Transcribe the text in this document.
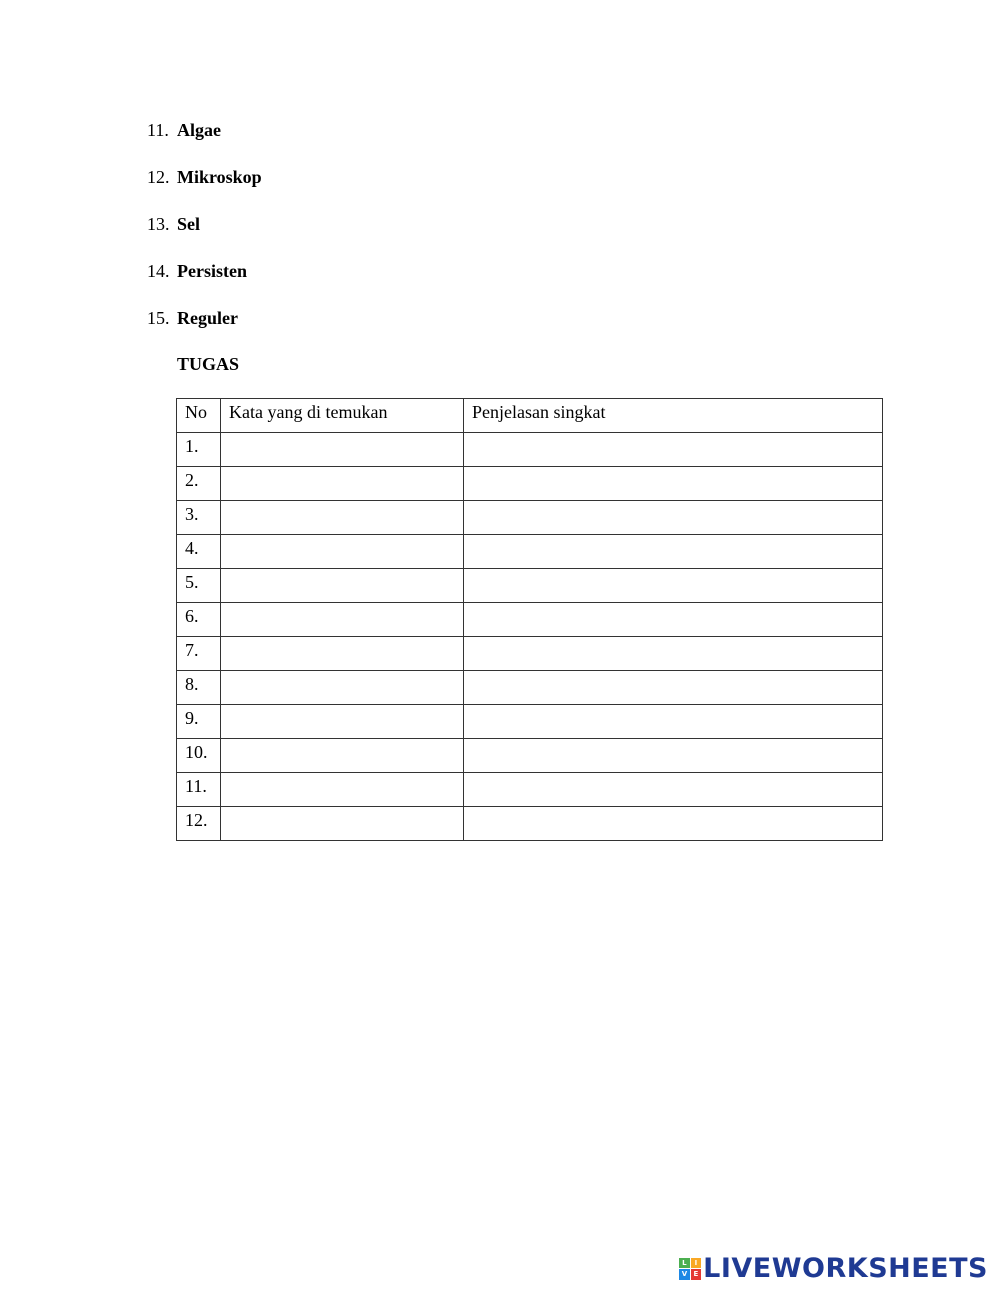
11. Algae
12. Mikroskop
13. Sel
14. Persisten
15. Reguler
TUGAS
No	Kata yang di temukan	Penjelasan singkat
1.		
2.		
3.		
4.		
5.		
6.		
7.		
8.		
9.		
10.		
11.		
12.		
L	I
V E LIVEWORKSHEETS
